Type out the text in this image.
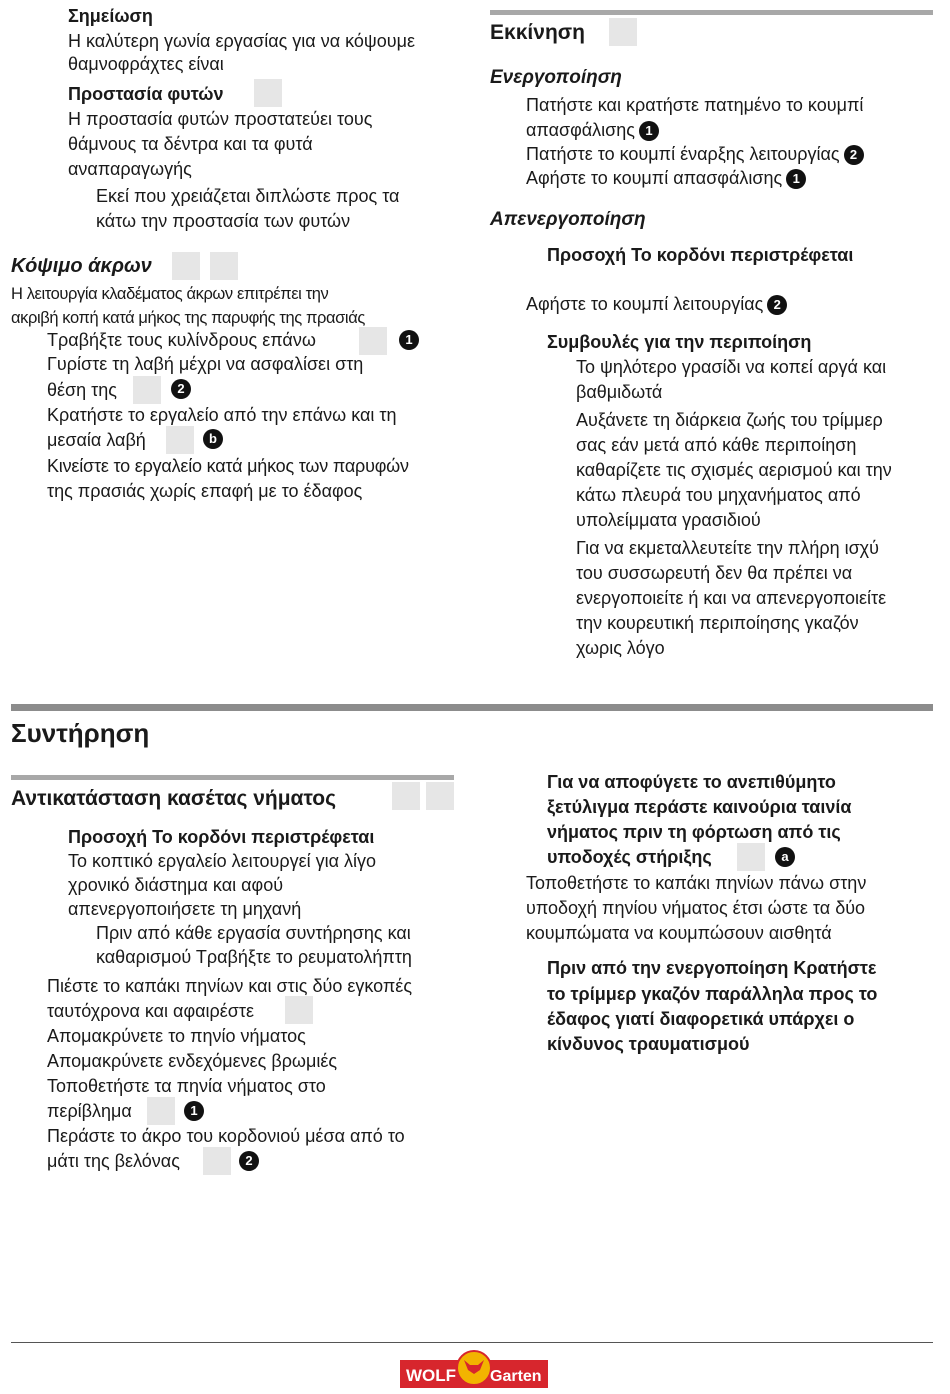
Σημείωση
Η καλύτερη γωνία εργασίας για να κόψουμε
θαμνοφράχτες είναι
Προστασία φυτών
Η προστασία φυτών προστατεύει τους
θάμνους τα δέντρα και τα φυτά
αναπαραγωγής
Εκεί που χρειάζεται διπλώστε προς τα
κάτω την προστασία των φυτών
Κόψιμο άκρων
Η λειτουργία κλαδέματος άκρων επιτρέπει την
ακριβή κοπή κατά μήκος της παρυφής της πρασιάς
Τραβήξτε τους κυλίνδρους επάνω	1
Γυρίστε τη λαβή μέχρι να ασφαλίσει στη
θέση της	2
Κρατήστε το εργαλείο από την επάνω και τη
μεσαία λαβή	b
Κινείστε το εργαλείο κατά μήκος των παρυφών
της πρασιάς χωρίς επαφή με το έδαφος
Εκκίνηση
Ενεργοποίηση
Πατήστε και κρατήστε πατημένο το κουμπί
απασφάλισης 1
Πατήστε το κουμπί έναρξης λειτουργίας 2
Αφήστε το κουμπί απασφάλισης 1
Απενεργοποίηση
Προσοχή Το κορδόνι περιστρέφεται
Αφήστε το κουμπί λειτουργίας 2
Συμβουλές για την περιποίηση
Το ψηλότερο γρασίδι να κοπεί αργά και
βαθμιδωτά
Αυξάνετε τη διάρκεια ζωής του τρίμμερ
σας εάν μετά από κάθε περιποίηση
καθαρίζετε τις σχισμές αερισμού και την
κάτω πλευρά του μηχανήματος από
υπολείμματα γρασιδιού
Για να εκμεταλλευτείτε την πλήρη ισχύ
του συσσωρευτή δεν θα πρέπει να
ενεργοποιείτε ή και να απενεργοποιείτε
την κουρευτική περιποίησης γκαζόν
χωρις λόγο
Συντήρηση
Αντικατάσταση κασέτας νήματος
Προσοχή Το κορδόνι περιστρέφεται
Το κοπτικό εργαλείο λειτουργεί για λίγο
χρονικό διάστημα και αφού
απενεργοποιήσετε τη μηχανή
Πριν από κάθε εργασία συντήρησης και
καθαρισμού Τραβήξτε το ρευματολήπτη
Πιέστε το καπάκι πηνίων και στις δύο εγκοπές
ταυτόχρονα και αφαιρέστε
Απομακρύνετε το πηνίο νήματος
Απομακρύνετε ενδεχόμενες βρωμιές
Τοποθετήστε τα πηνία νήματος στο
περίβλημα	1
Περάστε το άκρο του κορδονιού μέσα από το
μάτι της βελόνας	2
Για να αποφύγετε το ανεπιθύμητο
ξετύλιγμα περάστε καινούρια ταινία
νήματος πριν τη φόρτωση από τις
υποδοχές στήριξης	a
Τοποθετήστε το καπάκι πηνίων πάνω στην
υποδοχή πηνίου νήματος έτσι ώστε τα δύο
κουμπώματα να κουμπώσουν αισθητά
Πριν από την ενεργοποίηση Κρατήστε
το τρίμμερ γκαζόν παράλληλα προς το
έδαφος γιατί διαφορετικά υπάρχει ο
κίνδυνος τραυματισμού
WOLF Garten
